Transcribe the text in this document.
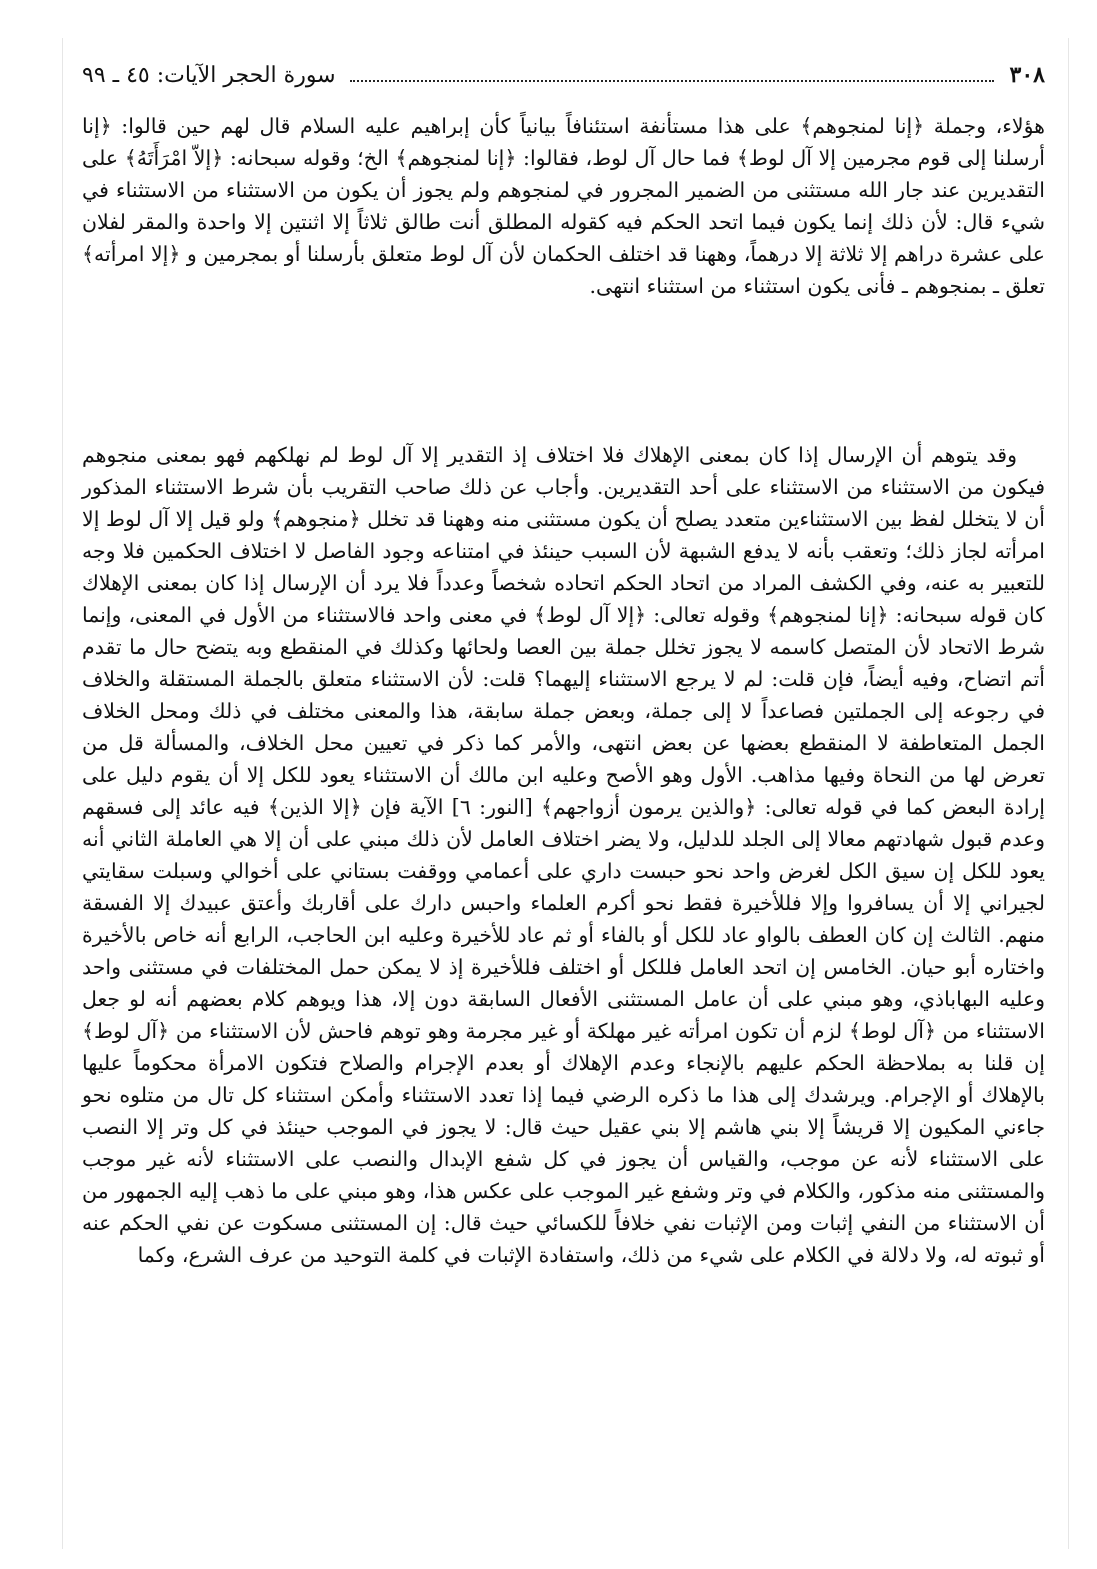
٣٠٨
سورة الحجر الآيات: ٤٥ ـ ٩٩

هؤلاء، وجملة ﴿إنا لمنجوهم﴾ على هذا مستأنفة استئنافاً بيانياً كأن إبراهيم عليه السلام قال لهم حين قالوا: ﴿إنا أرسلنا إلى قوم مجرمين إلا آل لوط﴾ فما حال آل لوط، فقالوا: ﴿إنا لمنجوهم﴾ الخ؛ وقوله سبحانه: ﴿إلاّ امْرَأَتَهُ﴾ على التقديرين عند جار الله مستثنى من الضمير المجرور في لمنجوهم ولم يجوز أن يكون من الاستثناء من الاستثناء في شيء قال: لأن ذلك إنما يكون فيما اتحد الحكم فيه كقوله المطلق أنت طالق ثلاثاً إلا اثنتين إلا واحدة والمقر لفلان على عشرة دراهم إلا ثلاثة إلا درهماً، وههنا قد اختلف الحكمان لأن آل لوط متعلق بأرسلنا أو بمجرمين و ﴿إلا امرأته﴾ تعلق ـ بمنجوهم ـ فأنى يكون استثناء من استثناء انتهى.

وقد يتوهم أن الإرسال إذا كان بمعنى الإهلاك فلا اختلاف إذ التقدير إلا آل لوط لم نهلكهم فهو بمعنى منجوهم فيكون من الاستثناء من الاستثناء على أحد التقديرين. وأجاب عن ذلك صاحب التقريب بأن شرط الاستثناء المذكور أن لا يتخلل لفظ بين الاستثناءين متعدد يصلح أن يكون مستثنى منه وههنا قد تخلل ﴿منجوهم﴾ ولو قيل إلا آل لوط إلا امرأته لجاز ذلك؛ وتعقب بأنه لا يدفع الشبهة لأن السبب حينئذ في امتناعه وجود الفاصل لا اختلاف الحكمين فلا وجه للتعبير به عنه، وفي الكشف المراد من اتحاد الحكم اتحاده شخصاً وعدداً فلا يرد أن الإرسال إذا كان بمعنى الإهلاك كان قوله سبحانه: ﴿إنا لمنجوهم﴾ وقوله تعالى: ﴿إلا آل لوط﴾ في معنى واحد فالاستثناء من الأول في المعنى، وإنما شرط الاتحاد لأن المتصل كاسمه لا يجوز تخلل جملة بين العصا ولحائها وكذلك في المنقطع وبه يتضح حال ما تقدم أتم اتضاح، وفيه أيضاً، فإن قلت: لم لا يرجع الاستثناء إليهما؟ قلت: لأن الاستثناء متعلق بالجملة المستقلة والخلاف في رجوعه إلى الجملتين فصاعداً لا إلى جملة، وبعض جملة سابقة، هذا والمعنى مختلف في ذلك ومحل الخلاف الجمل المتعاطفة لا المنقطع بعضها عن بعض انتهى، والأمر كما ذكر في تعيين محل الخلاف، والمسألة قل من تعرض لها من النحاة وفيها مذاهب. الأول وهو الأصح وعليه ابن مالك أن الاستثناء يعود للكل إلا أن يقوم دليل على إرادة البعض كما في قوله تعالى: ﴿والذين يرمون أزواجهم﴾ [النور: ٦] الآية فإن ﴿إلا الذين﴾ فيه عائد إلى فسقهم وعدم قبول شهادتهم معالا إلى الجلد للدليل، ولا يضر اختلاف العامل لأن ذلك مبني على أن إلا هي العاملة الثاني أنه يعود للكل إن سيق الكل لغرض واحد نحو حبست داري على أعمامي ووقفت بستاني على أخوالي وسبلت سقايتي لجيراني إلا أن يسافروا وإلا فللأخيرة فقط نحو أكرم العلماء واحبس دارك على أقاربك وأعتق عبيدك إلا الفسقة منهم. الثالث إن كان العطف بالواو عاد للكل أو بالفاء أو ثم عاد للأخيرة وعليه ابن الحاجب، الرابع أنه خاص بالأخيرة واختاره أبو حيان. الخامس إن اتحد العامل فللكل أو اختلف فللأخيرة إذ لا يمكن حمل المختلفات في مستثنى واحد وعليه البهاباذي، وهو مبني على أن عامل المستثنى الأفعال السابقة دون إلا، هذا ويوهم كلام بعضهم أنه لو جعل الاستثناء من ﴿آل لوط﴾ لزم أن تكون امرأته غير مهلكة أو غير مجرمة وهو توهم فاحش لأن الاستثناء من ﴿آل لوط﴾ إن قلنا به بملاحظة الحكم عليهم بالإنجاء وعدم الإهلاك أو بعدم الإجرام والصلاح فتكون الامرأة محكوماً عليها بالإهلاك أو الإجرام. ويرشدك إلى هذا ما ذكره الرضي فيما إذا تعدد الاستثناء وأمكن استثناء كل تال من متلوه نحو جاءني المكيون إلا قريشاً إلا بني هاشم إلا بني عقيل حيث قال: لا يجوز في الموجب حينئذ في كل وتر إلا النصب على الاستثناء لأنه عن موجب، والقياس أن يجوز في كل شفع الإبدال والنصب على الاستثناء لأنه غير موجب والمستثنى منه مذكور، والكلام في وتر وشفع غير الموجب على عكس هذا، وهو مبني على ما ذهب إليه الجمهور من أن الاستثناء من النفي إثبات ومن الإثبات نفي خلافاً للكسائي حيث قال: إن المستثنى مسكوت عن نفي الحكم عنه أو ثبوته له، ولا دلالة في الكلام على شيء من ذلك، واستفادة الإثبات في كلمة التوحيد من عرف الشرع، وكما
